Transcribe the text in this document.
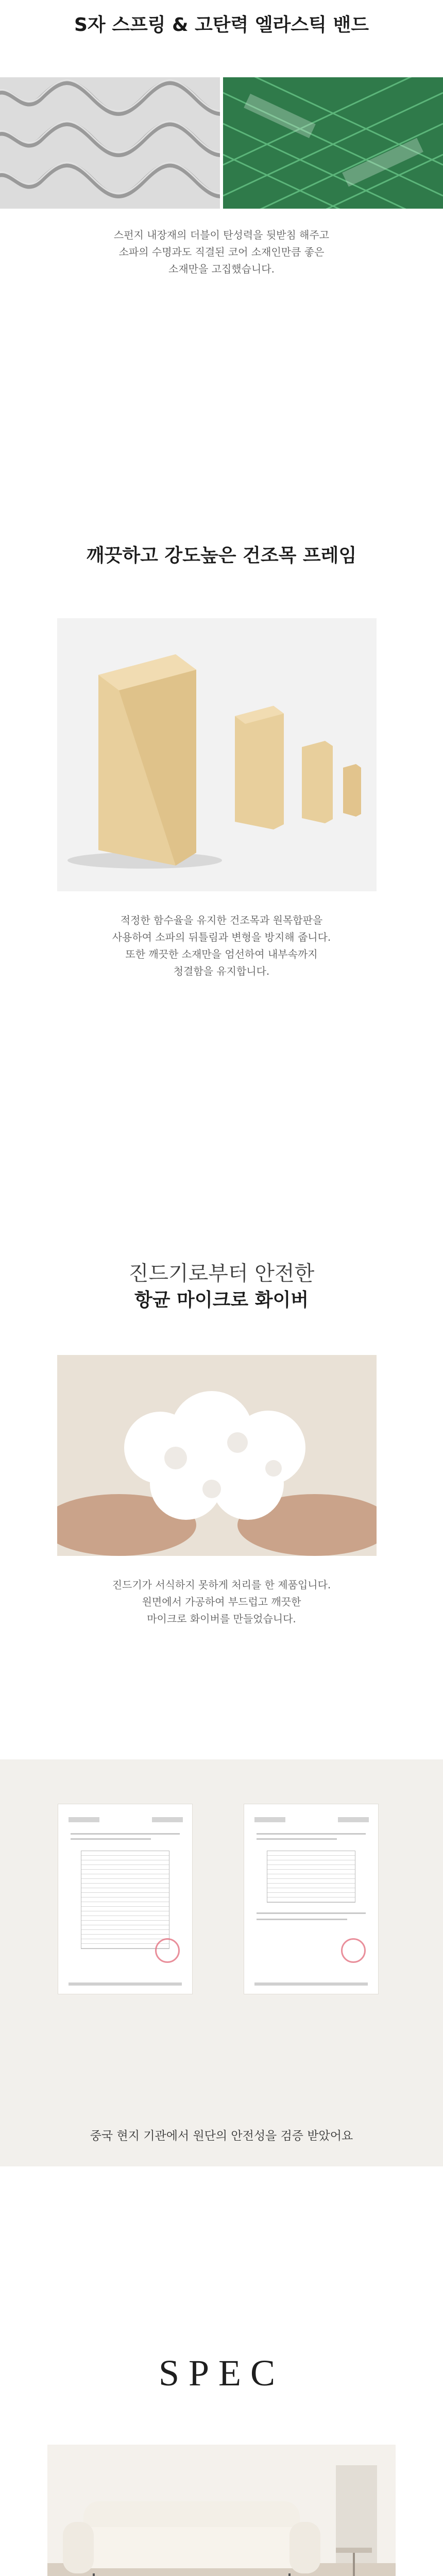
S자 스프링 & 고탄력 엘라스틱 밴드
스펀지 내장재의 더블이 탄성력을 뒷받침 해주고
소파의 수명과도 직결된 코어 소재인만큼 좋은
소재만을 고집했습니다.
깨끗하고 강도높은 건조목 프레임
적정한 함수율을 유지한 건조목과 원목합판을
사용하여 소파의 뒤틀림과 변형을 방지해 줍니다.
또한 깨끗한 소재만을 엄선하여 내부속까지
청결함을 유지합니다.
진드기로부터 안전한
항균 마이크로 화이버
진드기가 서식하지 못하게 처리를 한 제품입니다.
원면에서 가공하여 부드럽고 깨끗한
마이크로 화이버를 만들었습니다.
중국 현지 기관에서 원단의 안전성을 검증 받았어요
SPEC
